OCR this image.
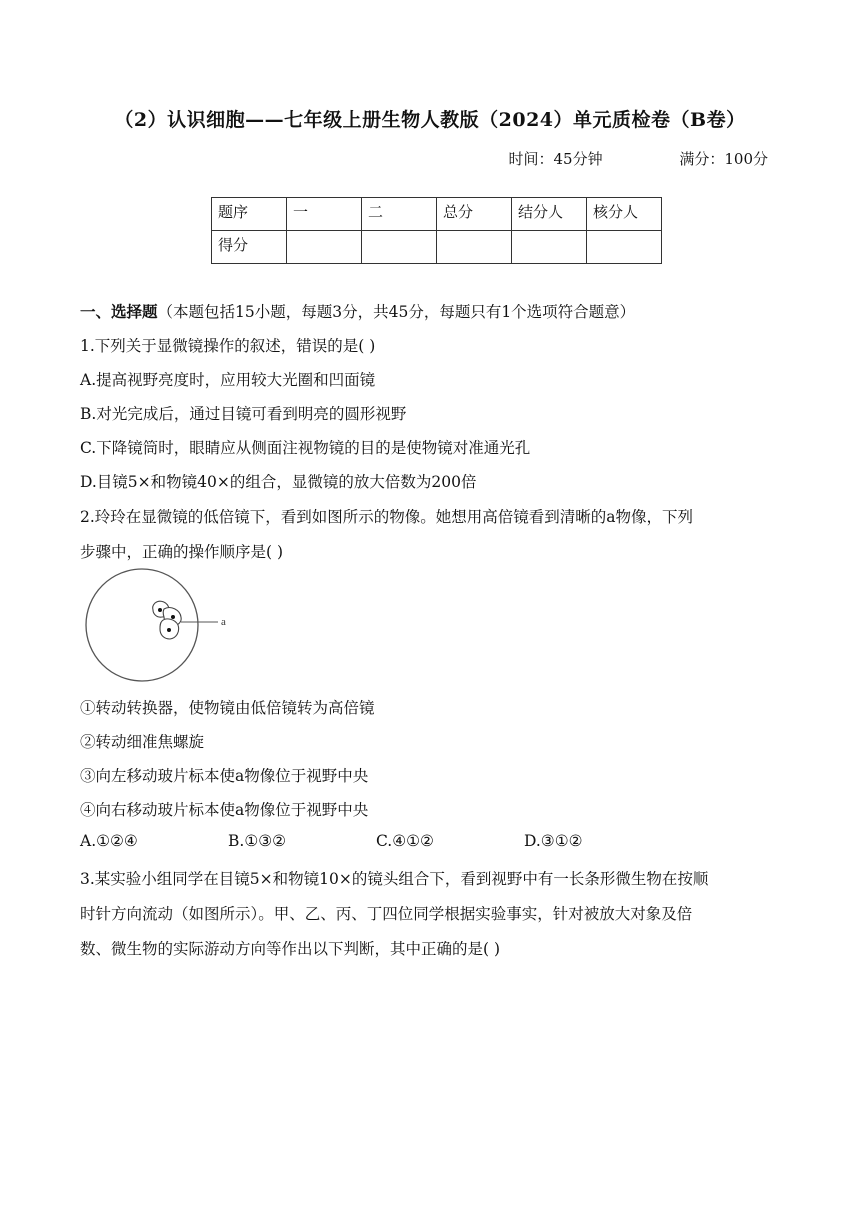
（2）认识细胞——七年级上册生物人教版（2024）单元质检卷（B卷）
时间：45分钟	满分：100分
题序	一	二	总分	结分人	核分人
得分					
一、选择题（本题包括15小题，每题3分，共45分，每题只有1个选项符合题意）
1.下列关于显微镜操作的叙述，错误的是( )
A.提高视野亮度时，应用较大光圈和凹面镜
B.对光完成后，通过目镜可看到明亮的圆形视野
C.下降镜筒时，眼睛应从侧面注视物镜的目的是使物镜对准通光孔
D.目镜5×和物镜40×的组合，显微镜的放大倍数为200倍
2.玲玲在显微镜的低倍镜下，看到如图所示的物像。她想用高倍镜看到清晰的a物像，下列
步骤中，正确的操作顺序是( )
a
①转动转换器，使物镜由低倍镜转为高倍镜
②转动细准焦螺旋
③向左移动玻片标本使a物像位于视野中央
④向右移动玻片标本使a物像位于视野中央
A.①②④	B.①③②	C.④①②	D.③①②
3.某实验小组同学在目镜5×和物镜10×的镜头组合下，看到视野中有一长条形微生物在按顺
时针方向流动（如图所示）。甲、乙、丙、丁四位同学根据实验事实，针对被放大对象及倍
数、微生物的实际游动方向等作出以下判断，其中正确的是( )
